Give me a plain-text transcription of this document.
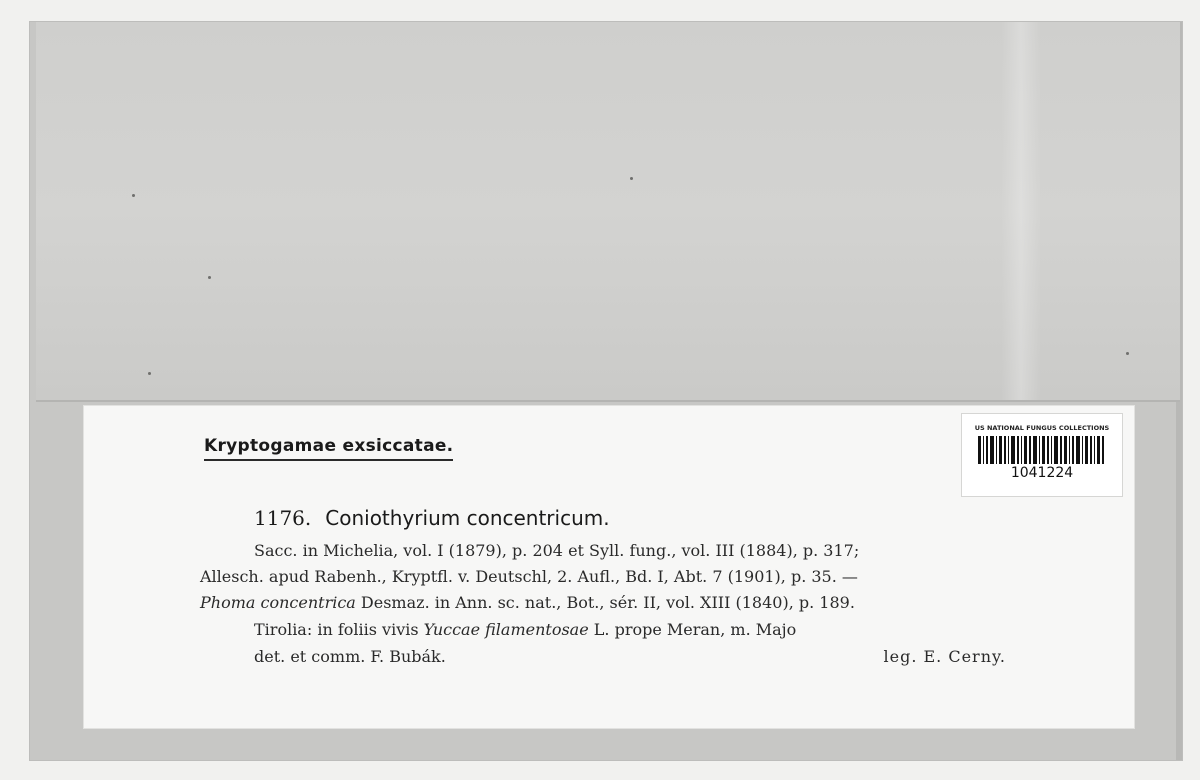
Kryptogamae exsiccatae.
1176. Coniothyrium concentricum.
Sacc. in Michelia, vol. I (1879), p. 204 et Syll. fung., vol. III (1884), p. 317;
Allesch. apud Rabenh., Kryptfl. v. Deutschl, 2. Aufl., Bd. I, Abt. 7 (1901), p. 35. —
Phoma concentrica Desmaz. in Ann. sc. nat., Bot., sér. II, vol. XIII (1840), p. 189.
Tirolia: in foliis vivis Yuccae filamentosae L. prope Meran, m. Majo
det. et comm. F. Bubák.	leg. E. Cerny.
US NATIONAL FUNGUS COLLECTIONS
1041224
